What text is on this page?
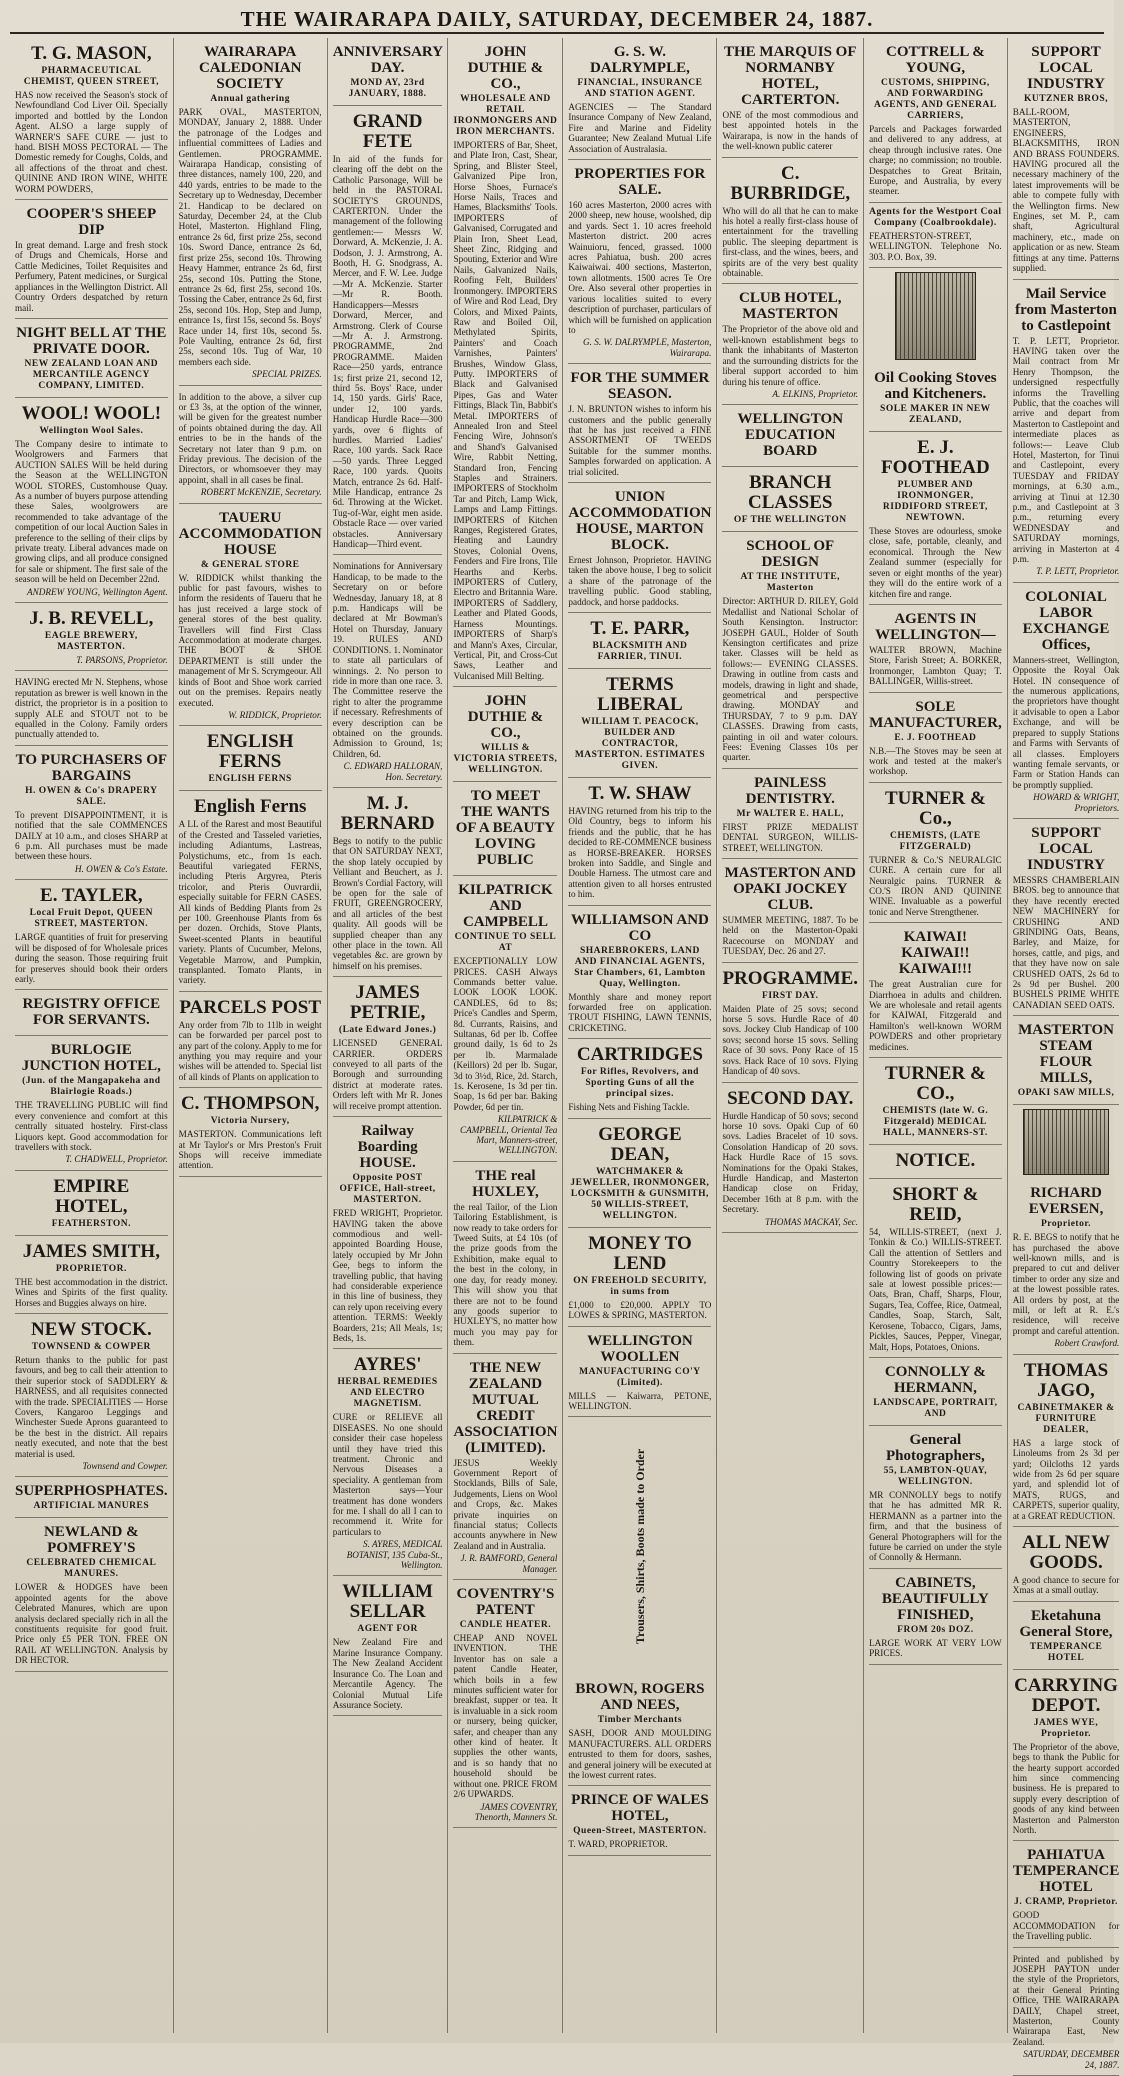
THE WAIRARAPA DAILY, SATURDAY, DECEMBER 24, 1887.
T. G. MASON,
PHARMACEUTICAL CHEMIST, QUEEN STREET,
HAS now received the Season's stock of Newfoundland Cod Liver Oil. Specially imported and bottled by the London Agent. ALSO a large supply of WARNER'S SAFE CURE — just to hand. BISH MOSS PECTORAL — The Domestic remedy for Coughs, Colds, and all affections of the throat and chest. QUININE AND IRON WINE, WHITE WORM POWDERS,
COOPER'S SHEEP DIP
In great demand. Large and fresh stock of Drugs and Chemicals, Horse and Cattle Medicines, Toilet Requisites and Perfumery, Patent medicines, or Surgical appliances in the Wellington District. All Country Orders despatched by return mail.
NIGHT BELL AT THE PRIVATE DOOR.
NEW ZEALAND LOAN AND MERCANTILE AGENCY COMPANY, LIMITED.
WOOL! WOOL!
Wellington Wool Sales.
The Company desire to intimate to Woolgrowers and Farmers that AUCTION SALES Will be held during the Season at the WELLINGTON WOOL STORES, Customhouse Quay. As a number of buyers purpose attending these Sales, woolgrowers are recommended to take advantage of the competition of our local Auction Sales in preference to the selling of their clips by private treaty. Liberal advances made on growing clips, and all produce consigned for sale or shipment. The first sale of the season will be held on December 22nd.
ANDREW YOUNG, Wellington Agent.
J. B. REVELL,
EAGLE BREWERY, MASTERTON.
T. PARSONS, Proprietor.
HAVING erected Mr N. Stephens, whose reputation as brewer is well known in the district, the proprietor is in a position to supply ALE and STOUT not to be equalled in the Colony. Family orders punctually attended to.
TO PURCHASERS OF BARGAINS
H. OWEN & Co's DRAPERY SALE.
To prevent DISAPPOINTMENT, it is notified that the sale COMMENCES DAILY at 10 a.m., and closes SHARP at 6 p.m. All purchases must be made between these hours.
H. OWEN & Co's Estate.
E. TAYLER,
Local Fruit Depot, QUEEN STREET, MASTERTON.
LARGE quantities of fruit for preserving will be disposed of for Wholesale prices during the season. Those requiring fruit for preserves should book their orders early.
REGISTRY OFFICE FOR SERVANTS.
BURLOGIE JUNCTION HOTEL,
(Jun. of the Mangapakeha and Blairlogie Roads.)
THE TRAVELLING PUBLIC will find every convenience and comfort at this centrally situated hostelry. First-class Liquors kept. Good accommodation for travellers with stock.
T. CHADWELL, Proprietor.
EMPIRE HOTEL,
FEATHERSTON.
JAMES SMITH,
PROPRIETOR.
THE best accommodation in the district. Wines and Spirits of the first quality. Horses and Buggies always on hire.
NEW STOCK.
TOWNSEND & COWPER
Return thanks to the public for past favours, and beg to call their attention to their superior stock of SADDLERY & HARNESS, and all requisites connected with the trade. SPECIALITIES — Horse Covers, Kangaroo Leggings and Winchester Suede Aprons guaranteed to be the best in the district. All repairs neatly executed, and note that the best material is used.
Townsend and Cowper.
SUPERPHOSPHATES.
ARTIFICIAL MANURES
NEWLAND & POMFREY'S
CELEBRATED CHEMICAL MANURES.
LOWER & HODGES have been appointed agents for the above Celebrated Manures, which are upon analysis declared specially rich in all the constituents requisite for good fruit. Price only £5 PER TON. FREE ON RAIL AT WELLINGTON. Analysis by DR HECTOR.
WAIRARAPA CALEDONIAN SOCIETY
Annual gathering
PARK OVAL, MASTERTON, MONDAY, January 2, 1888. Under the patronage of the Lodges and influential committees of Ladies and Gentlemen. PROGRAMME. Wairarapa Handicap, consisting of three distances, namely 100, 220, and 440 yards, entries to be made to the Secretary up to Wednesday, December 21. Handicap to be declared on Saturday, December 24, at the Club Hotel, Masterton. Highland Fling, entrance 2s 6d, first prize 25s, second 10s. Sword Dance, entrance 2s 6d, first prize 25s, second 10s. Throwing Heavy Hammer, entrance 2s 6d, first 25s, second 10s. Putting the Stone, entrance 2s 6d, first 25s, second 10s. Tossing the Caber, entrance 2s 6d, first 25s, second 10s. Hop, Step and Jump, entrance 1s, first 15s, second 5s. Boys' Race under 14, first 10s, second 5s. Pole Vaulting, entrance 2s 6d, first 25s, second 10s. Tug of War, 10 members each side.
SPECIAL PRIZES.
In addition to the above, a silver cup or £3 3s, at the option of the winner, will be given for the greatest number of points obtained during the day. All entries to be in the hands of the Secretary not later than 9 p.m. on Friday previous. The decision of the Directors, or whomsoever they may appoint, shall in all cases be final.
ROBERT McKENZIE, Secretary.
TAUERU ACCOMMODATION HOUSE
& GENERAL STORE
W. RIDDICK whilst thanking the public for past favours, wishes to inform the residents of Taueru that he has just received a large stock of general stores of the best quality. Travellers will find First Class Accommodation at moderate charges. THE BOOT & SHOE DEPARTMENT is still under the management of Mr S. Scrymgeour. All kinds of Boot and Shoe work carried out on the premises. Repairs neatly executed.
W. RIDDICK, Proprietor.
ENGLISH FERNS
ENGLISH FERNS
English Ferns
A LL of the Rarest and most Beautiful of the Crested and Tasseled varieties, including Adiantums, Lastreas, Polystichums, etc., from 1s each. Beautiful variegated FERNS, including Pteris Argyrea, Pteris tricolor, and Pteris Ouvrardii, especially suitable for FERN CASES. All kinds of Bedding Plants from 2s per 100. Greenhouse Plants from 6s per dozen. Orchids, Stove Plants, Sweet-scented Plants in beautiful variety. Plants of Cucumber, Melons, Vegetable Marrow, and Pumpkin, transplanted. Tomato Plants, in variety.
PARCELS POST
Any order from 7lb to 11lb in weight can be forwarded per parcel post to any part of the colony. Apply to me for anything you may require and your wishes will be attended to. Special list of all kinds of Plants on application to
C. THOMPSON,
Victoria Nursery,
MASTERTON. Communications left at Mr Taylor's or Mrs Preston's Fruit Shops will receive immediate attention.
ANNIVERSARY DAY.
MOND AY, 23rd JANUARY, 1888.
GRAND FETE
In aid of the funds for clearing off the debt on the Catholic Parsonage, Will be held in the PASTORAL SOCIETY'S GROUNDS, CARTERTON. Under the management of the following gentlemen:— Messrs W. Dorward, A. McKenzie, J. A. Dodson, J. J. Armstrong, A. Booth, H. G. Snodgrass, A. Mercer, and F. W. Lee. Judge—Mr A. McKenzie. Starter—Mr R. Booth. Handicappers—Messrs Dorward, Mercer, and Armstrong. Clerk of Course—Mr A. J. Armstrong. PROGRAMME, 2nd PROGRAMME. Maiden Race—250 yards, entrance 1s; first prize 21, second 12, third 5s. Boys' Race, under 14, 150 yards. Girls' Race, under 12, 100 yards. Handicap Hurdle Race—300 yards, over 6 flights of hurdles. Married Ladies' Race, 100 yards. Sack Race—50 yards. Three Legged Race, 100 yards. Quoits Match, entrance 2s 6d. Half-Mile Handicap, entrance 2s 6d. Throwing at the Wicket. Tug-of-War, eight men aside. Obstacle Race — over varied obstacles. Anniversary Handicap—Third event.
Nominations for Anniversary Handicap, to be made to the Secretary on or before Wednesday, January 18, at 8 p.m. Handicaps will be declared at Mr Bowman's Hotel on Thursday, January 19. RULES AND CONDITIONS. 1. Nominator to state all particulars of winnings. 2. No person to ride in more than one race. 3. The Committee reserve the right to alter the programme if necessary. Refreshments of every description can be obtained on the grounds. Admission to Ground, 1s; Children, 6d.
C. EDWARD HALLORAN, Hon. Secretary.
M. J. BERNARD
Begs to notify to the public that ON SATURDAY NEXT, the shop lately occupied by Velliant and Beuchert, as J. Brown's Cordial Factory, will be open for the sale of FRUIT, GREENGROCERY, and all articles of the best quality. All goods will be supplied cheaper than any other place in the town. All vegetables &c. are grown by himself on his premises.
JAMES PETRIE,
(Late Edward Jones.)
LICENSED GENERAL CARRIER. ORDERS conveyed to all parts of the Borough and surrounding district at moderate rates. Orders left with Mr R. Jones will receive prompt attention.
Railway Boarding HOUSE.
Opposite POST OFFICE, Hall-street, MASTERTON.
FRED WRIGHT, Proprietor. HAVING taken the above commodious and well-appointed Boarding House, lately occupied by Mr John Gee, begs to inform the travelling public, that having had considerable experience in this line of business, they can rely upon receiving every attention. TERMS: Weekly Boarders, 21s; All Meals, 1s; Beds, 1s.
AYRES'
HERBAL REMEDIES AND ELECTRO MAGNETISM.
CURE or RELIEVE all DISEASES. No one should consider their case hopeless until they have tried this treatment. Chronic and Nervous Diseases a speciality. A gentleman from Masterton says—Your treatment has done wonders for me. I shall do all I can to recommend it. Write for particulars to
S. AYRES, MEDICAL BOTANIST, 135 Cuba-St., Wellington.
WILLIAM SELLAR
AGENT FOR
New Zealand Fire and Marine Insurance Company. The New Zealand Accident Insurance Co. The Loan and Mercantile Agency. The Colonial Mutual Life Assurance Society.
JOHN DUTHIE & CO.,
WHOLESALE AND RETAIL IRONMONGERS AND IRON MERCHANTS.
IMPORTERS of Bar, Sheet, and Plate Iron, Cast, Shear, Spring, and Blister Steel, Galvanized Pipe Iron, Horse Shoes, Furnace's Horse Nails, Traces and Hames, Blacksmiths' Tools. IMPORTERS of Galvanised, Corrugated and Plain Iron, Sheet Lead, Sheet Zinc, Ridging and Spouting, Exterior and Wire Nails, Galvanized Nails, Roofing Felt, Builders' Ironmongery. IMPORTERS of Wire and Rod Lead, Dry Colors, and Mixed Paints, Raw and Boiled Oil, Methylated Spirits, Painters' and Coach Varnishes, Painters' Brushes, Window Glass, Putty. IMPORTERS of Black and Galvanised Pipes, Gas and Water Fittings, Black Tin, Babbit's Metal. IMPORTERS of Annealed Iron and Steel Fencing Wire, Johnson's and Shand's Galvanised Wire, Rabbit Netting, Standard Iron, Fencing Staples and Strainers. IMPORTERS of Stockholm Tar and Pitch, Lamp Wick, Lamps and Lamp Fittings. IMPORTERS of Kitchen Ranges, Registered Grates, Heating and Laundry Stoves, Colonial Ovens, Fenders and Fire Irons, Tile Hearths and Kerbs. IMPORTERS of Cutlery, Electro and Britannia Ware. IMPORTERS of Saddlery, Leather and Plated Goods, Harness Mountings. IMPORTERS of Sharp's and Mann's Axes, Circular, Vertical, Pit, and Cross-Cut Saws, Leather and Vulcanised Mill Belting.
JOHN DUTHIE & CO.,
WILLIS & VICTORIA STREETS, WELLINGTON.
TO MEET THE WANTS OF A BEAUTY LOVING PUBLIC
KILPATRICK AND CAMPBELL
CONTINUE TO SELL AT
EXCEPTIONALLY LOW PRICES. CASH Always Commands better value. LOOK LOOK LOOK. CANDLES, 6d to 8s; Price's Candles and Sperm, 8d. Currants, Raisins, and Sultanas, 6d per lb. Coffee ground daily, 1s 6d to 2s per lb. Marmalade (Keillors) 2d per lb. Sugar, 3d to 3½d, Rice, 2d. Starch, 1s. Kerosene, 1s 3d per tin. Soap, 1s 6d per bar. Baking Powder, 6d per tin.
KILPATRICK & CAMPBELL, Oriental Tea Mart, Manners-street, WELLINGTON.
THE real HUXLEY,
the real Tailor, of the Lion Tailoring Establishment, is now ready to take orders for Tweed Suits, at £4 10s (of the prize goods from the Exhibition, make equal to the best in the colony, in one day, for ready money. This will show you that there are not to be found any goods superior to HUXLEY'S, no matter how much you may pay for them.
THE NEW ZEALAND MUTUAL CREDIT ASSOCIATION (LIMITED).
JESUS Weekly Government Report of Stocklands, Bills of Sale, Judgements, Liens on Wool and Crops, &c. Makes private inquiries on financial status; Collects accounts anywhere in New Zealand and in Australia.
J. R. BAMFORD, General Manager.
COVENTRY'S PATENT
CANDLE HEATER.
CHEAP AND NOVEL INVENTION. THE Inventor has on sale a patent Candle Heater, which boils in a few minutes sufficient water for breakfast, supper or tea. It is invaluable in a sick room or nursery, being quicker, safer, and cheaper than any other kind of heater. It supplies the other wants, and is so handy that no household should be without one. PRICE FROM 2/6 UPWARDS.
JAMES COVENTRY, Thenorth, Manners St.
G. S. W. DALRYMPLE,
FINANCIAL, INSURANCE AND STATION AGENT.
AGENCIES — The Standard Insurance Company of New Zealand, Fire and Marine and Fidelity Guarantee; New Zealand Mutual Life Association of Australasia.
PROPERTIES FOR SALE.
160 acres Masterton, 2000 acres with 2000 sheep, new house, woolshed, dip and yards. Sect 1. 10 acres freehold Masterton district. 200 acres Wainuioru, fenced, grassed. 1000 acres Pahiatua, bush. 200 acres Kaiwaiwai. 400 sections, Masterton, town allotments. 1500 acres Te Ore Ore. Also several other properties in various localities suited to every description of purchaser, particulars of which will be furnished on application to
G. S. W. DALRYMPLE, Masterton, Wairarapa.
FOR THE SUMMER SEASON.
J. N. BRUNTON wishes to inform his customers and the public generally that he has just received a FINE ASSORTMENT OF TWEEDS Suitable for the summer months. Samples forwarded on application. A trial solicited.
UNION ACCOMMODATION HOUSE, MARTON BLOCK.
Ernest Johnson, Proprietor. HAVING taken the above house, I beg to solicit a share of the patronage of the travelling public. Good stabling, paddock, and horse paddocks.
T. E. PARR,
BLACKSMITH AND FARRIER, TINUI.
TERMS LIBERAL
WILLIAM T. PEACOCK, BUILDER AND CONTRACTOR, MASTERTON. ESTIMATES GIVEN.
T. W. SHAW
HAVING returned from his trip to the Old Country, begs to inform his friends and the public, that he has decided to RE-COMMENCE business as HORSE-BREAKER. HORSES broken into Saddle, and Single and Double Harness. The utmost care and attention given to all horses entrusted to him.
WILLIAMSON AND CO
SHAREBROKERS, LAND AND FINANCIAL AGENTS, Star Chambers, 61, Lambton Quay, Wellington.
Monthly share and money report forwarded free on application. TROUT FISHING, LAWN TENNIS, CRICKETING.
CARTRIDGES
For Rifles, Revolvers, and Sporting Guns of all the principal sizes.
Fishing Nets and Fishing Tackle.
GEORGE DEAN,
WATCHMAKER & JEWELLER, IRONMONGER, LOCKSMITH & GUNSMITH, 50 WILLIS-STREET, WELLINGTON.
MONEY TO LEND
ON FREEHOLD SECURITY, in sums from
£1,000 to £20,000. APPLY TO LOWES & SPRING, MASTERTON.
WELLINGTON WOOLLEN
MANUFACTURING CO'Y (Limited).
MILLS — Kaiwarra, PETONE, WELLINGTON.
Trousers, Shirts, Boots made to Order
BROWN, ROGERS AND NEES,
Timber Merchants
SASH, DOOR AND MOULDING MANUFACTURERS. ALL ORDERS entrusted to them for doors, sashes, and general joinery will be executed at the lowest current rates.
PRINCE OF WALES HOTEL,
Queen-Street, MASTERTON.
T. WARD, PROPRIETOR.
THE MARQUIS OF NORMANBY HOTEL, CARTERTON.
ONE of the most commodious and best appointed hotels in the Wairarapa, is now in the hands of the well-known public caterer
C. BURBRIDGE,
Who will do all that he can to make his hotel a really first-class house of entertainment for the travelling public. The sleeping department is first-class, and the wines, beers, and spirits are of the very best quality obtainable.
CLUB HOTEL, MASTERTON
The Proprietor of the above old and well-known establishment begs to thank the inhabitants of Masterton and the surrounding districts for the liberal support accorded to him during his tenure of office.
A. ELKINS, Proprietor.
WELLINGTON EDUCATION BOARD
BRANCH CLASSES
OF THE WELLINGTON
SCHOOL OF DESIGN
AT THE INSTITUTE, Masterton
Director: ARTHUR D. RILEY, Gold Medallist and National Scholar of South Kensington. Instructor: JOSEPH GAUL, Holder of South Kensington certificates and prize taker. Classes will be held as follows:— EVENING CLASSES. Drawing in outline from casts and models, drawing in light and shade, geometrical and perspective drawing. MONDAY and THURSDAY, 7 to 9 p.m. DAY CLASSES. Drawing from casts, painting in oil and water colours. Fees: Evening Classes 10s per quarter.
PAINLESS DENTISTRY.
Mr WALTER E. HALL,
FIRST PRIZE MEDALIST DENTAL SURGEON, WILLIS-STREET, WELLINGTON.
MASTERTON AND OPAKI JOCKEY CLUB.
SUMMER MEETING, 1887. To be held on the Masterton-Opaki Racecourse on MONDAY and TUESDAY, Dec. 26 and 27.
PROGRAMME.
FIRST DAY.
Maiden Plate of 25 sovs; second horse 5 sovs. Hurdle Race of 40 sovs. Jockey Club Handicap of 100 sovs; second horse 15 sovs. Selling Race of 30 sovs. Pony Race of 15 sovs. Hack Race of 10 sovs. Flying Handicap of 40 sovs.
SECOND DAY.
Hurdle Handicap of 50 sovs; second horse 10 sovs. Opaki Cup of 60 sovs. Ladies Bracelet of 10 sovs. Consolation Handicap of 20 sovs. Hack Hurdle Race of 15 sovs. Nominations for the Opaki Stakes, Hurdle Handicap, and Masterton Handicap close on Friday, December 16th at 8 p.m. with the Secretary.
THOMAS MACKAY, Sec.
COTTRELL & YOUNG,
CUSTOMS, SHIPPING, AND FORWARDING AGENTS, AND GENERAL CARRIERS,
Parcels and Packages forwarded and delivered to any address, at cheap through inclusive rates. One charge; no commission; no trouble. Despatches to Great Britain, Europe, and Australia, by every steamer.
Agents for the Westport Coal Company (Coalbrookdale).
FEATHERSTON-STREET, WELLINGTON. Telephone No. 303. P.O. Box, 39.
Oil Cooking Stoves and Kitcheners.
SOLE MAKER IN NEW ZEALAND,
E. J. FOOTHEAD
PLUMBER AND IRONMONGER, RIDDIFORD STREET, NEWTOWN.
These Stoves are odourless, smoke close, safe, portable, cleanly, and economical. Through the New Zealand summer (especially for seven or eight months of the year) they will do the entire work of a kitchen fire and range.
AGENTS IN WELLINGTON—
WALTER BROWN, Machine Store, Farish Street; A. BORKER, Ironmonger, Lambton Quay; T. BALLINGER, Willis-street.
SOLE MANUFACTURER,
E. J. FOOTHEAD
N.B.—The Stoves may be seen at work and tested at the maker's workshop.
TURNER & Co.,
CHEMISTS, (LATE FITZGERALD)
TURNER & Co.'S NEURALGIC CURE. A certain cure for all Neuralgic pains. TURNER & CO.'S IRON AND QUININE WINE. Invaluable as a powerful tonic and Nerve Strengthener.
KAIWAI! KAIWAI!! KAIWAI!!!
The great Australian cure for Diarrhoea in adults and children. We are wholesale and retail agents for KAIWAI, Fitzgerald and Hamilton's well-known WORM POWDERS and other proprietary medicines.
TURNER & CO.,
CHEMISTS (late W. G. Fitzgerald) MEDICAL HALL, MANNERS-ST.
NOTICE.
SHORT & REID,
54, WILLIS-STREET, (next J. Tonkin & Co.) WILLIS-STREET. Call the attention of Settlers and Country Storekeepers to the following list of goods on private sale at lowest possible prices:— Oats, Bran, Chaff, Sharps, Flour, Sugars, Tea, Coffee, Rice, Oatmeal, Candles, Soap, Starch, Salt, Kerosene, Tobacco, Cigars, Jams, Pickles, Sauces, Pepper, Vinegar, Malt, Hops, Potatoes, Onions.
CONNOLLY & HERMANN,
LANDSCAPE, PORTRAIT, AND
General Photographers,
55, LAMBTON-QUAY, WELLINGTON.
MR CONNOLLY begs to notify that he has admitted MR R. HERMANN as a partner into the firm, and that the business of General Photographers will for the future be carried on under the style of Connolly & Hermann.
CABINETS, BEAUTIFULLY FINISHED,
FROM 20s DOZ.
LARGE WORK AT VERY LOW PRICES.
SUPPORT LOCAL INDUSTRY
KUTZNER BROS,
BALL-ROOM, MASTERTON, ENGINEERS, BLACKSMITHS, IRON AND BRASS FOUNDERS. HAVING procured all the necessary machinery of the latest improvements will be able to compete fully with the Wellington firms. New Engines, set M. P., cam shaft, Agricultural machinery, etc., made on application or as new. Steam fittings at any time. Patterns supplied.
Mail Service from Masterton to Castlepoint
T. P. LETT, Proprietor. HAVING taken over the Mail contract from Mr Henry Thompson, the undersigned respectfully informs the Travelling Public, that the coaches will arrive and depart from Masterton to Castlepoint and intermediate places as follows:— Leave Club Hotel, Masterton, for Tinui and Castlepoint, every TUESDAY and FRIDAY mornings, at 6.30 a.m., arriving at Tinui at 12.30 p.m., and Castlepoint at 3 p.m., returning every WEDNESDAY and SATURDAY mornings, arriving in Masterton at 4 p.m.
T. P. LETT, Proprietor.
COLONIAL LABOR EXCHANGE Offices,
Manners-street, Wellington, Opposite the Royal Oak Hotel. IN consequence of the numerous applications, the proprietors have thought it advisable to open a Labor Exchange, and will be prepared to supply Stations and Farms with Servants of all classes. Employers wanting female servants, or Farm or Station Hands can be promptly supplied.
HOWARD & WRIGHT, Proprietors.
SUPPORT LOCAL INDUSTRY
MESSRS CHAMBERLAIN BROS. beg to announce that they have recently erected NEW MACHINERY for CRUSHING AND GRINDING Oats, Beans, Barley, and Maize, for horses, cattle, and pigs, and that they have now on sale CRUSHED OATS, 2s 6d to 2s 9d per Bushel. 200 BUSHELS PRIME WHITE CANADIAN SEED OATS.
MASTERTON STEAM FLOUR MILLS,
OPAKI SAW MILLS,
RICHARD EVERSEN,
Proprietor.
R. E. BEGS to notify that he has purchased the above well-known mills, and is prepared to cut and deliver timber to order any size and at the lowest possible rates. All orders by post, at the mill, or left at R. E.'s residence, will receive prompt and careful attention.
Robert Crawford.
THOMAS JAGO,
CABINETMAKER & FURNITURE DEALER,
HAS a large stock of Linoleums from 2s 3d per yard; Oilcloths 12 yards wide from 2s 6d per square yard, and splendid lot of MATS, RUGS, and CARPETS, superior quality, at a GREAT REDUCTION.
ALL NEW GOODS.
A good chance to secure for Xmas at a small outlay.
Eketahuna General Store,
TEMPERANCE HOTEL
CARRYING DEPOT.
JAMES WYE, Proprietor.
The Proprietor of the above, begs to thank the Public for the hearty support accorded him since commencing business. He is prepared to supply every description of goods of any kind between Masterton and Palmerston North.
PAHIATUA TEMPERANCE HOTEL
J. CRAMP, Proprietor.
GOOD ACCOMMODATION for the Travelling public.
Printed and published by JOSEPH PAYTON under the style of the Proprietors, at their General Printing Office, THE WAIRARAPA DAILY, Chapel street, Masterton, County Wairarapa East, New Zealand.
SATURDAY, DECEMBER 24, 1887.
